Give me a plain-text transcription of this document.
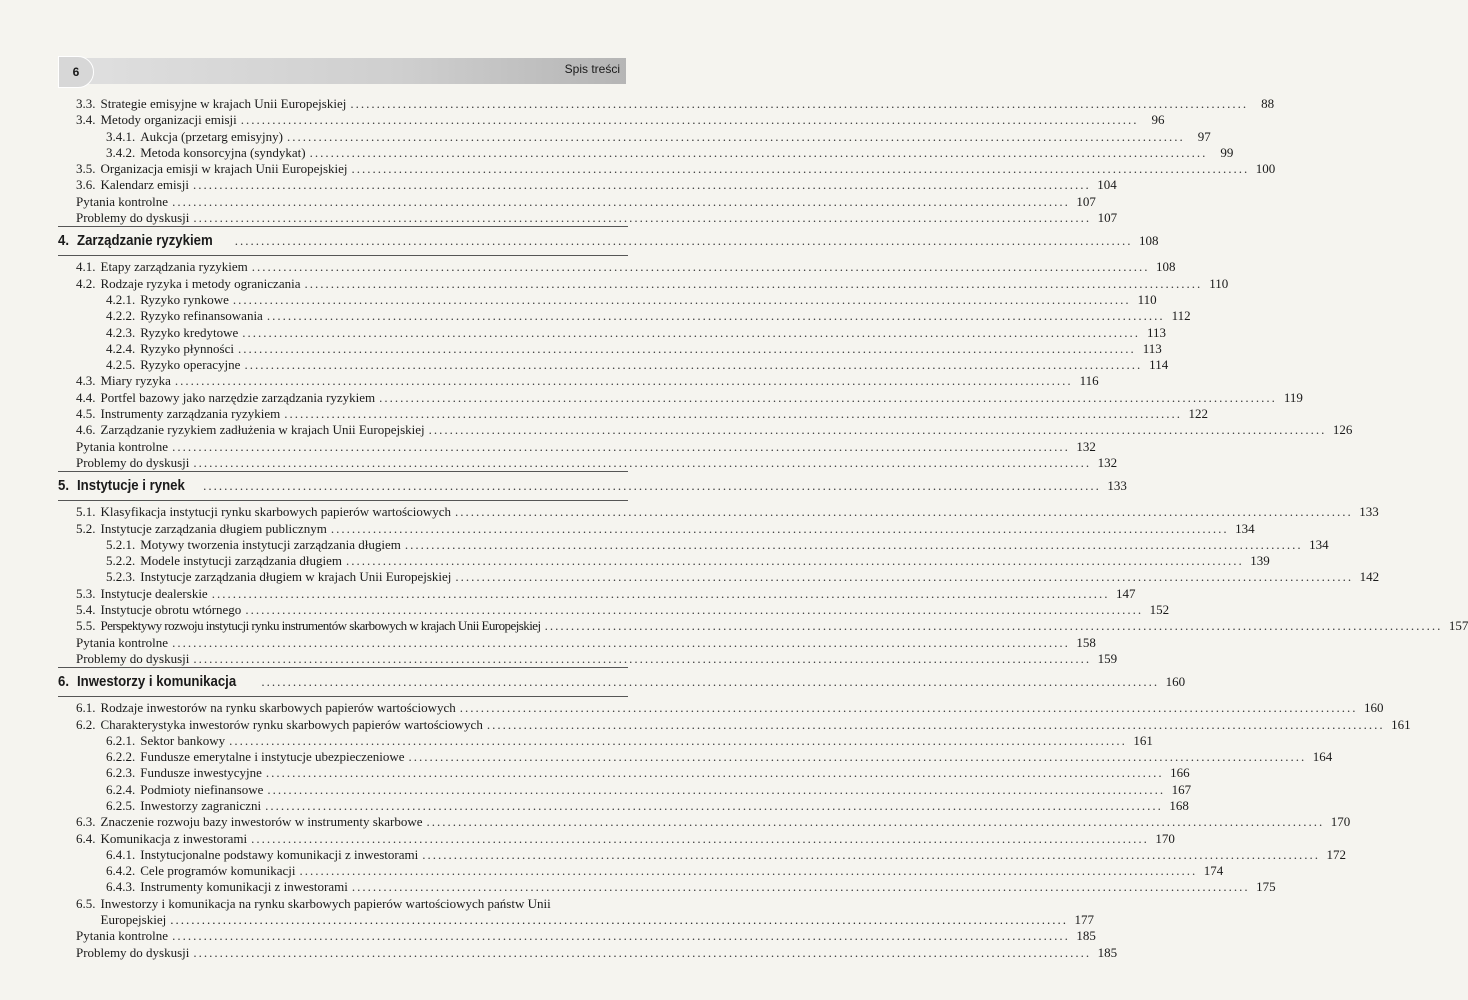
6	Spis treści
3.3. Strategie emisyjne w krajach Unii Europejskiej .....	88
3.4. Metody organizacji emisji .....	96
3.4.1. Aukcja (przetarg emisyjny) .....	97
3.4.2. Metoda konsorcyjna (syndykat) .....	99
3.5. Organizacja emisji w krajach Unii Europejskiej .....	100
3.6. Kalendarz emisji .....	104
Pytania kontrolne .....	107
Problemy do dyskusji .....	107
4. Zarządzanie ryzykiem .....	108
4.1. Etapy zarządzania ryzykiem .....	108
4.2. Rodzaje ryzyka i metody ograniczania .....	110
4.2.1. Ryzyko rynkowe .....	110
4.2.2. Ryzyko refinansowania .....	112
4.2.3. Ryzyko kredytowe .....	113
4.2.4. Ryzyko płynności .....	113
4.2.5. Ryzyko operacyjne .....	114
4.3. Miary ryzyka .....	116
4.4. Portfel bazowy jako narzędzie zarządzania ryzykiem .....	119
4.5. Instrumenty zarządzania ryzykiem .....	122
4.6. Zarządzanie ryzykiem zadłużenia w krajach Unii Europejskiej .....	126
Pytania kontrolne .....	132
Problemy do dyskusji .....	132
5. Instytucje i rynek .....	133
5.1. Klasyfikacja instytucji rynku skarbowych papierów wartościowych .....	133
5.2. Instytucje zarządzania długiem publicznym .....	134
5.2.1. Motywy tworzenia instytucji zarządzania długiem .....	134
5.2.2. Modele instytucji zarządzania długiem .....	139
5.2.3. Instytucje zarządzania długiem w krajach Unii Europejskiej .....	142
5.3. Instytucje dealerskie .....	147
5.4. Instytucje obrotu wtórnego .....	152
5.5. Perspektywy rozwoju instytucji rynku instrumentów skarbowych w krajach Unii Europejskiej .....	157
Pytania kontrolne .....	158
Problemy do dyskusji .....	159
6. Inwestorzy i komunikacja .....	160
6.1. Rodzaje inwestorów na rynku skarbowych papierów wartościowych .....	160
6.2. Charakterystyka inwestorów rynku skarbowych papierów wartościowych .....	161
6.2.1. Sektor bankowy .....	161
6.2.2. Fundusze emerytalne i instytucje ubezpieczeniowe .....	164
6.2.3. Fundusze inwestycyjne .....	166
6.2.4. Podmioty niefinansowe .....	167
6.2.5. Inwestorzy zagraniczni .....	168
6.3. Znaczenie rozwoju bazy inwestorów w instrumenty skarbowe .....	170
6.4. Komunikacja z inwestorami .....	170
6.4.1. Instytucjonalne podstawy komunikacji z inwestorami .....	172
6.4.2. Cele programów komunikacji .....	174
6.4.3. Instrumenty komunikacji z inwestorami .....	175
6.5. Inwestorzy i komunikacja na rynku skarbowych papierów wartościowych państw Unii
Europejskiej .....	177
Pytania kontrolne .....	185
Problemy do dyskusji .....	185
